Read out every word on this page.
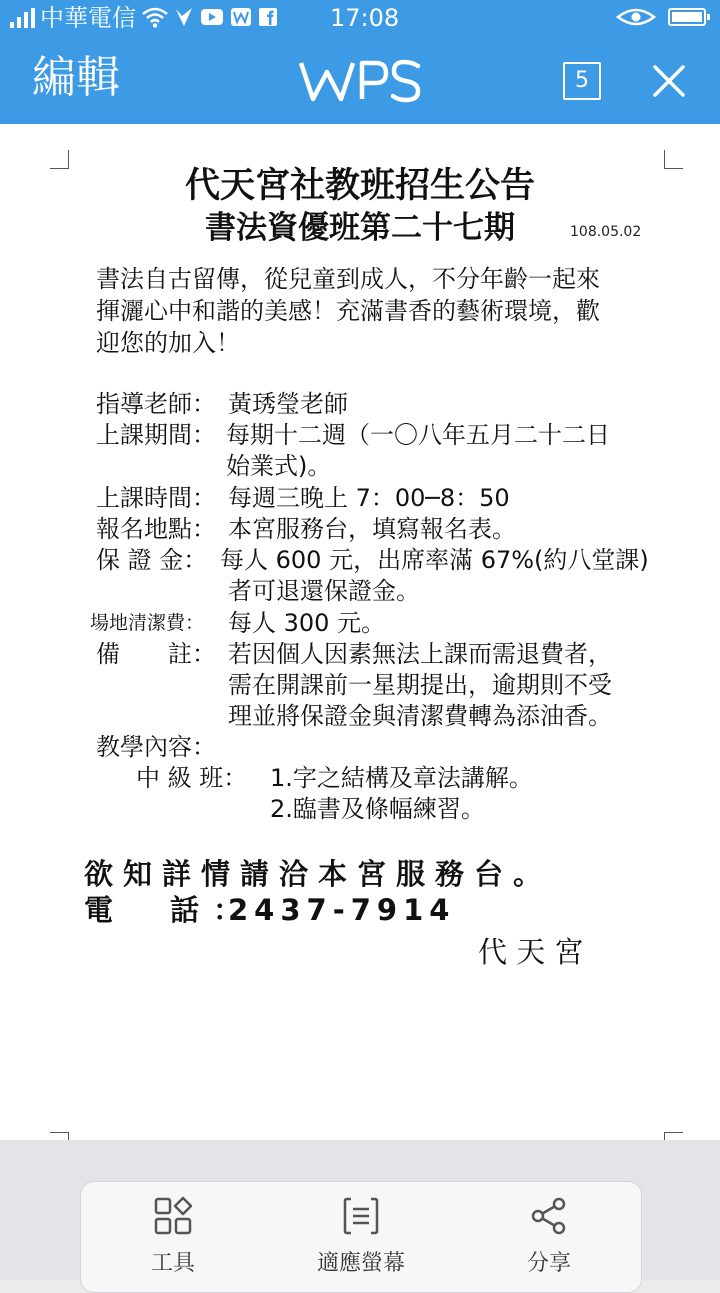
中華電信	17:08
編輯	5
代天宮社教班招生公告
書法資優班第二十七期	108.05.02
書法自古留傳，從兒童到成人，不分年齡一起來
揮灑心中和諧的美感！充滿書香的藝術環境，歡
迎您的加入！
指導老師： 黃琇瑩老師
上課期間： 每期十二週（一〇八年五月二十二日
始業式)。
上課時間： 每週三晚上 7：00─8：50
報名地點： 本宮服務台，填寫報名表。
保 證 金： 每人 600 元，出席率滿 67%(約八堂課)
者可退還保證金。
場地清潔費： 每人 300 元。
備　　註： 若因個人因素無法上課而需退費者，
需在開課前一星期提出，逾期則不受
理並將保證金與清潔費轉為添油香。
教學內容：
中 級 班： 1.字之結構及章法講解。
2.臨書及條幅練習。
欲知詳情請洽本宮服務台。
電　話：
2437-7914
代 天 宮
工具	適應螢幕	分享
